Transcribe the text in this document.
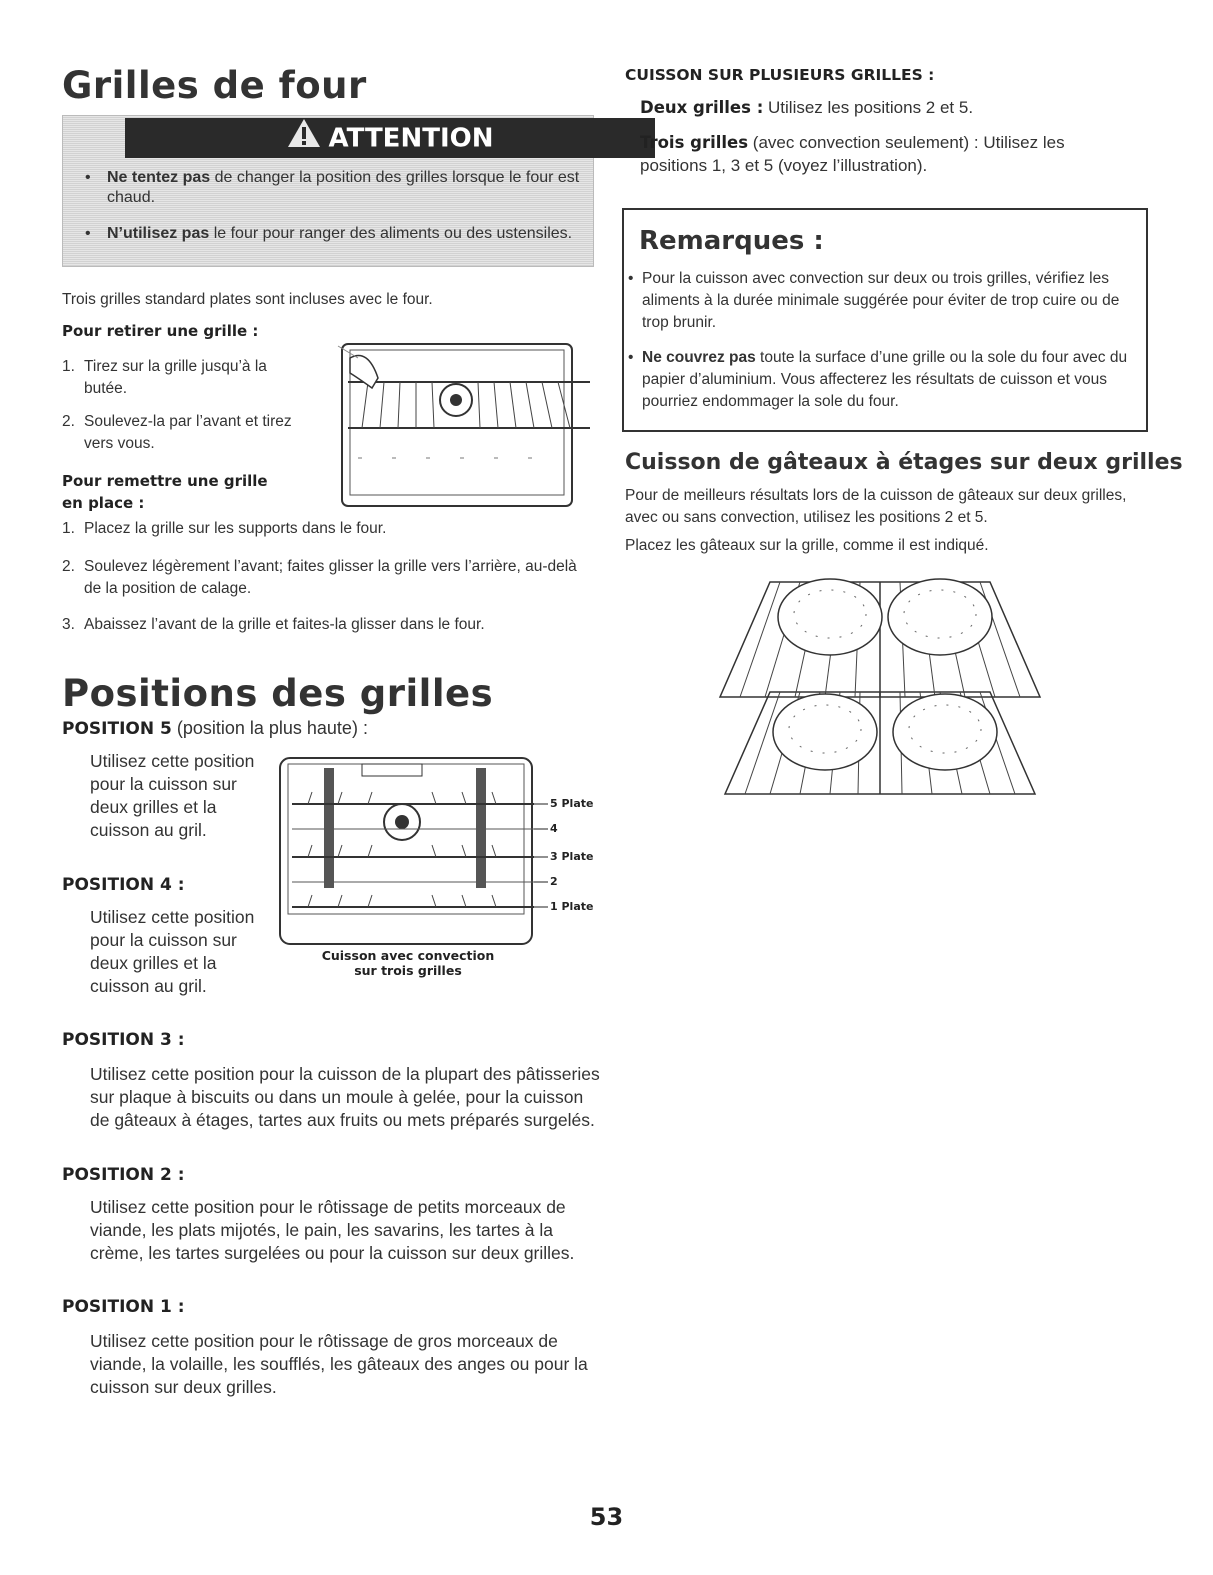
Grilles de four
ATTENTION
• Ne tentez pas de changer la position des grilles lorsque le four est chaud.
• N’utilisez pas le four pour ranger des aliments ou des ustensiles.
Trois grilles standard plates sont incluses avec le four.
Pour retirer une grille :
1. Tirez sur la grille jusqu’à la butée.
2. Soulevez-la par l’avant et tirez vers vous.
Pour remettre une grille
en place :
1. Placez la grille sur les supports dans le four.
2. Soulevez légèrement l’avant; faites glisser la grille vers l’arrière, au-delà de la position de calage.
3. Abaissez l’avant de la grille et faites-la glisser dans le four.
Positions des grilles
POSITION 5 (position la plus haute) :
Utilisez cette position pour la cuisson sur deux grilles et la cuisson au gril.
POSITION 4 :
Utilisez cette position pour la cuisson sur deux grilles et la cuisson au gril.
5 Plate
4
3 Plate
2
1 Plate
Cuisson avec convection
sur trois grilles
POSITION 3 :
Utilisez cette position pour la cuisson de la plupart des pâtisseries sur plaque à biscuits ou dans un moule à gelée, pour la cuisson de gâteaux à étages, tartes aux fruits ou mets préparés surgelés.
POSITION 2 :
Utilisez cette position pour le rôtissage de petits morceaux de viande, les plats mijotés, le pain, les savarins, les tartes à la crème, les tartes surgelées ou pour la cuisson sur deux grilles.
POSITION 1 :
Utilisez cette position pour le rôtissage de gros morceaux de viande, la volaille, les soufflés, les gâteaux des anges ou pour la cuisson sur deux grilles.
CUISSON SUR PLUSIEURS GRILLES :
Deux grilles : Utilisez les positions 2 et 5.
Trois grilles (avec convection seulement) : Utilisez les positions 1, 3 et 5 (voyez l’illustration).
Remarques :
• Pour la cuisson avec convection sur deux ou trois grilles, vérifiez les aliments à la durée minimale suggérée pour éviter de trop cuire ou de trop brunir.
• Ne couvrez pas toute la surface d’une grille ou la sole du four avec du papier d’aluminium. Vous affecterez les résultats de cuisson et vous pourriez endommager la sole du four.
Cuisson de gâteaux à étages sur deux grilles
Pour de meilleurs résultats lors de la cuisson de gâteaux sur deux grilles, avec ou sans convection, utilisez les positions 2 et 5.
Placez les gâteaux sur la grille, comme il est indiqué.
53
